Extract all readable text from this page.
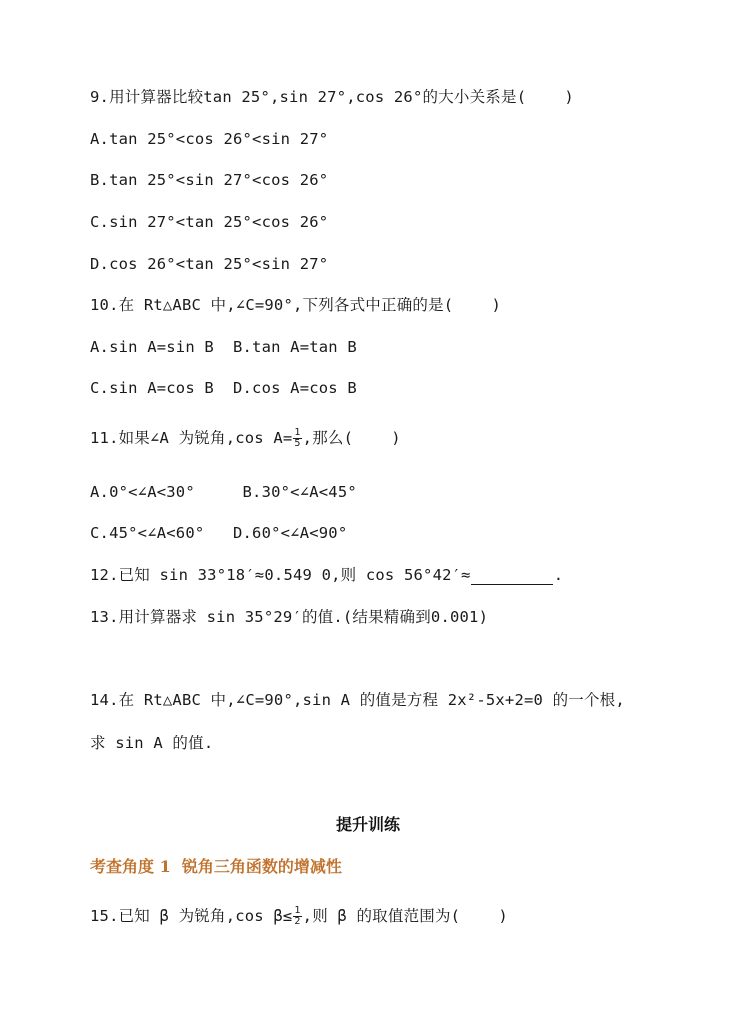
9.用计算器比较tan 25°,sin 27°,cos 26°的大小关系是(    )
A.tan 25°<cos 26°<sin 27°
B.tan 25°<sin 27°<cos 26°
C.sin 27°<tan 25°<cos 26°
D.cos 26°<tan 25°<sin 27°
10.在 Rt△ABC 中,∠C=90°,下列各式中正确的是(    )
A.sin A=sin B  B.tan A=tan B
C.sin A=cos B  D.cos A=cos B
11.如果∠A 为锐角,cos $A= \frac{1}{5}$ ,那么(    )
A.0°<∠A<30°     B.30°<∠A<45°
C.45°<∠A<60°   D.60°<∠A<90°
12.已知 sin 33°18′≈0.549 0,则 cos 56°42′≈	.
13.用计算器求 sin 35°29′的值.(结果精确到0.001)
14.在 Rt△ABC 中,∠C=90°,sin A 的值是方程 2x²-5x+2=0 的一个根,
求 sin A 的值.
提升训练
考查角度 1  锐角三角函数的增减性
15.已知 β 为锐角,cos $\beta\le \frac{1}{2}$ ,则 β 的取值范围为(    )
